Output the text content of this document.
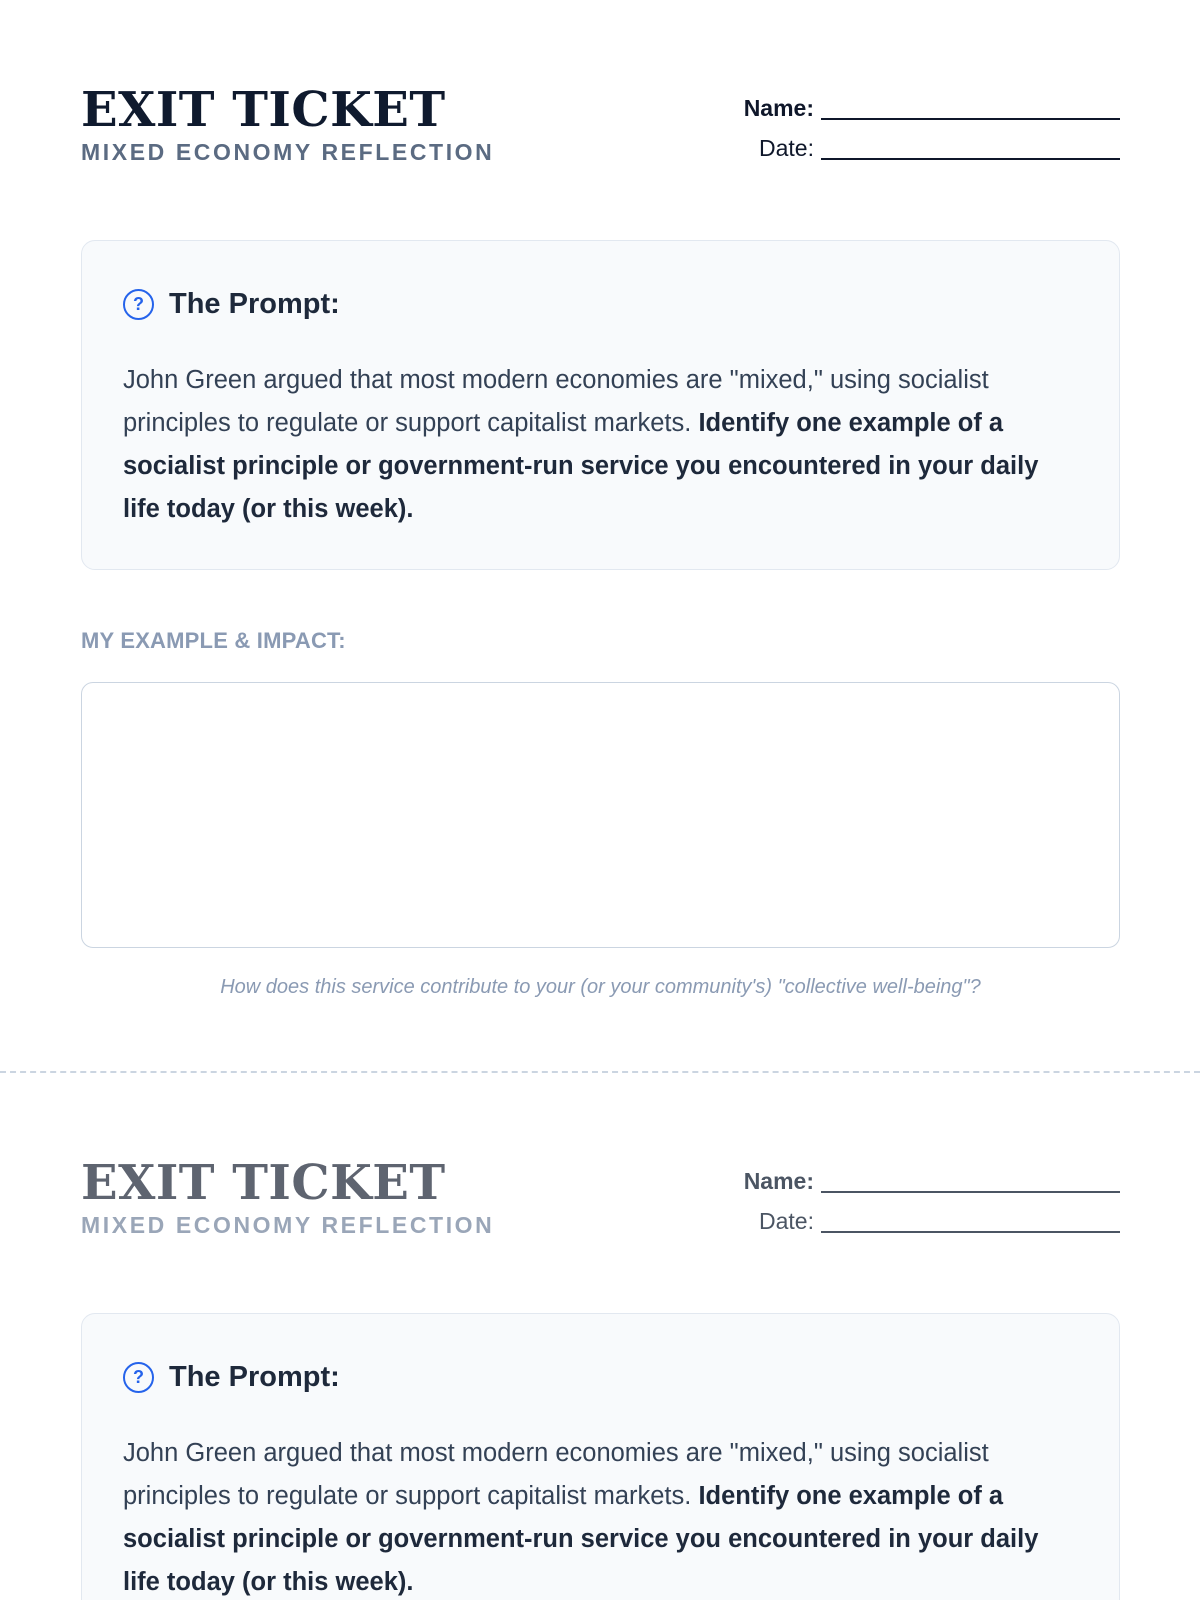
EXIT TICKET
MIXED ECONOMY REFLECTION
Name:
Date:
? The Prompt:

John Green argued that most modern economies are "mixed," using socialist principles to regulate or support capitalist markets. Identify one example of a socialist principle or government-run service you encountered in your daily life today (or this week).

MY EXAMPLE & IMPACT:
How does this service contribute to your (or your community's) "collective well-being"?
EXIT TICKET
MIXED ECONOMY REFLECTION
Name:
Date:
? The Prompt:

John Green argued that most modern economies are "mixed," using socialist principles to regulate or support capitalist markets. Identify one example of a socialist principle or government-run service you encountered in your daily life today (or this week).
